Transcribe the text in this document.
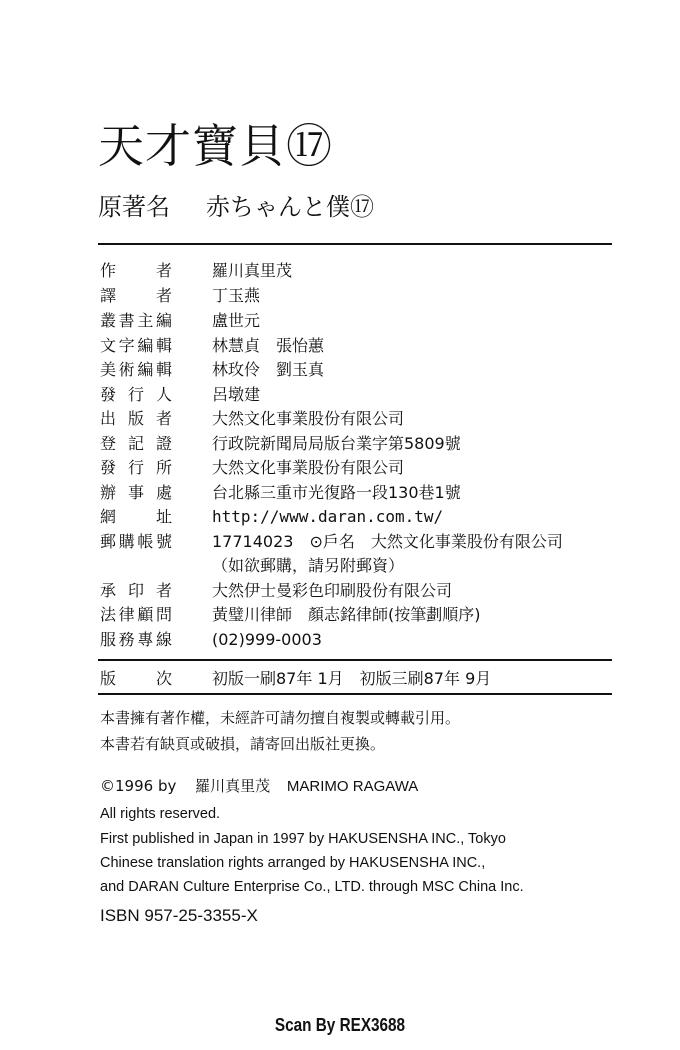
天才寶貝⑰
原著名 赤ちゃんと僕⑰
作　者	羅川真里茂
譯　者	丁玉燕
叢書主編	盧世元
文字編輯	林慧貞　張怡蕙
美術編輯	林玫伶　劉玉真
發行人	呂墩建
出版者	大然文化事業股份有限公司
登記證	行政院新聞局局版台業字第5809號
發行所	大然文化事業股份有限公司
辦事處	台北縣三重市光復路一段130巷1號
網　址	http://www.daran.com.tw/
郵購帳號	17714023　⊙戶名　大然文化事業股份有限公司
（如欲郵購，請另附郵資）
承印者	大然伊士曼彩色印刷股份有限公司
法律顧問	黃璧川律師　顏志銘律師(按筆劃順序)
服務專線	(02)999-0003
版　次	初版一刷87年 1月　初版三刷87年 9月
本書擁有著作權，未經許可請勿擅自複製或轉載引用。
本書若有缺頁或破損，請寄回出版社更換。
©1996 by 羅川真里茂 MARIMO RAGAWA
All rights reserved.
First published in Japan in 1997 by HAKUSENSHA INC., Tokyo
Chinese translation rights arranged by HAKUSENSHA INC.,
and DARAN Culture Enterprise Co., LTD. through MSC China Inc.
ISBN 957-25-3355-X
Scan By REX3688
